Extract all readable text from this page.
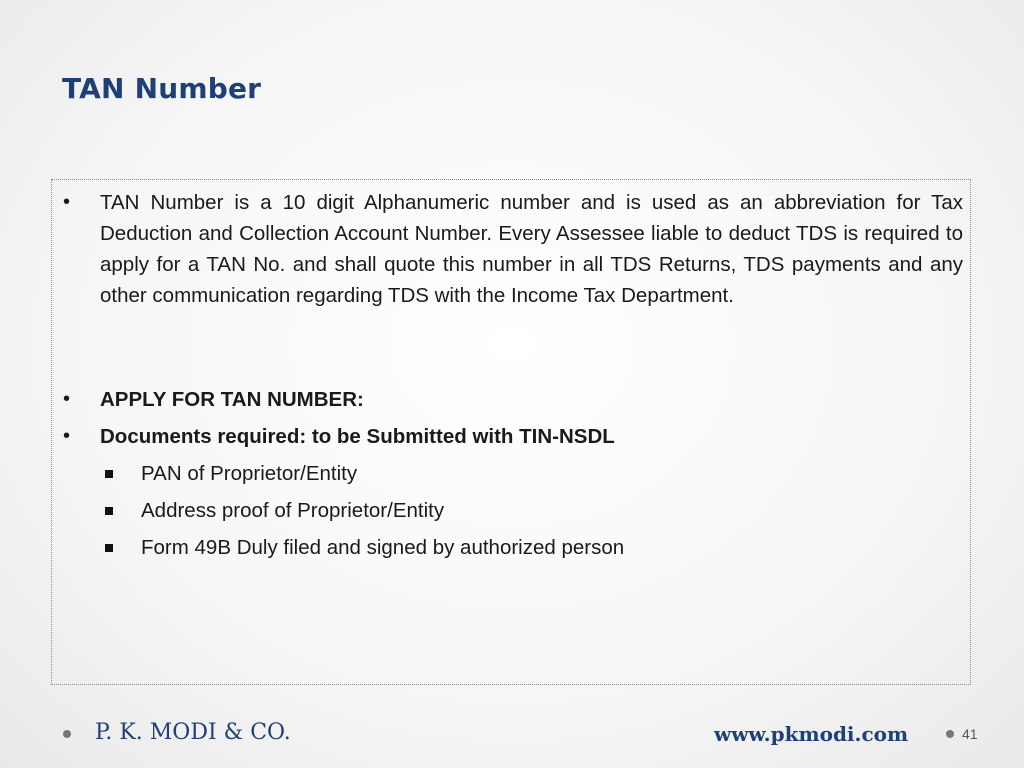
TAN Number
• TAN Number is a 10 digit Alphanumeric number and is used as an abbreviation for Tax Deduction and Collection Account Number. Every Assessee liable to deduct TDS is required to apply for a TAN No. and shall quote this number in all TDS Returns, TDS payments and any other communication regarding TDS with the Income Tax Department.
• APPLY FOR TAN NUMBER:
• Documents required: to be Submitted with TIN-NSDL
PAN of Proprietor/Entity
Address proof of Proprietor/Entity
Form 49B Duly filed and signed by authorized person
P. K. MODI & CO.	www.pkmodi.com	41
